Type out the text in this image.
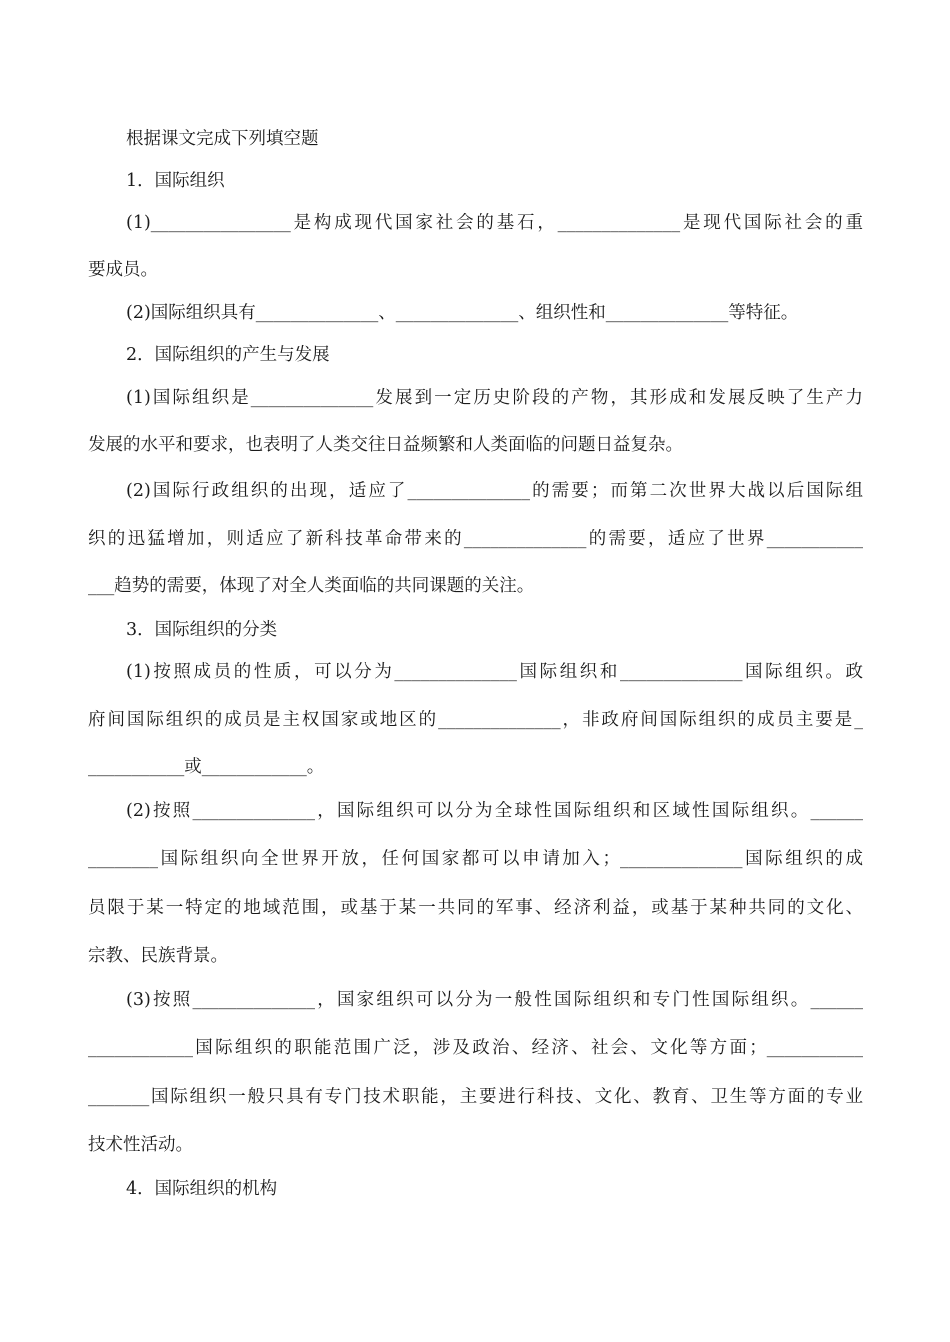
根据课文完成下列填空题
1．国际组织
(1)________________是构成现代国家社会的基石，______________是现代国际社会的重
要成员。
(2)国际组织具有______________、______________、组织性和______________等特征。
2．国际组织的产生与发展
(1)国际组织是______________发展到一定历史阶段的产物，其形成和发展反映了生产力
发展的水平和要求，也表明了人类交往日益频繁和人类面临的问题日益复杂。
(2)国际行政组织的出现，适应了______________的需要；而第二次世界大战以后国际组
织的迅猛增加，则适应了新科技革命带来的______________的需要，适应了世界___________
___趋势的需要，体现了对全人类面临的共同课题的关注。
3．国际组织的分类
(1)按照成员的性质，可以分为______________国际组织和______________国际组织。政
府间国际组织的成员是主权国家或地区的______________，非政府间国际组织的成员主要是_
___________或____________。
(2)按照______________，国际组织可以分为全球性国际组织和区域性国际组织。______
________国际组织向全世界开放，任何国家都可以申请加入；______________国际组织的成
员限于某一特定的地域范围，或基于某一共同的军事、经济利益，或基于某种共同的文化、
宗教、民族背景。
(3)按照______________，国家组织可以分为一般性国际组织和专门性国际组织。______
____________国际组织的职能范围广泛，涉及政治、经济、社会、文化等方面；___________
_______国际组织一般只具有专门技术职能，主要进行科技、文化、教育、卫生等方面的专业
技术性活动。
4．国际组织的机构
